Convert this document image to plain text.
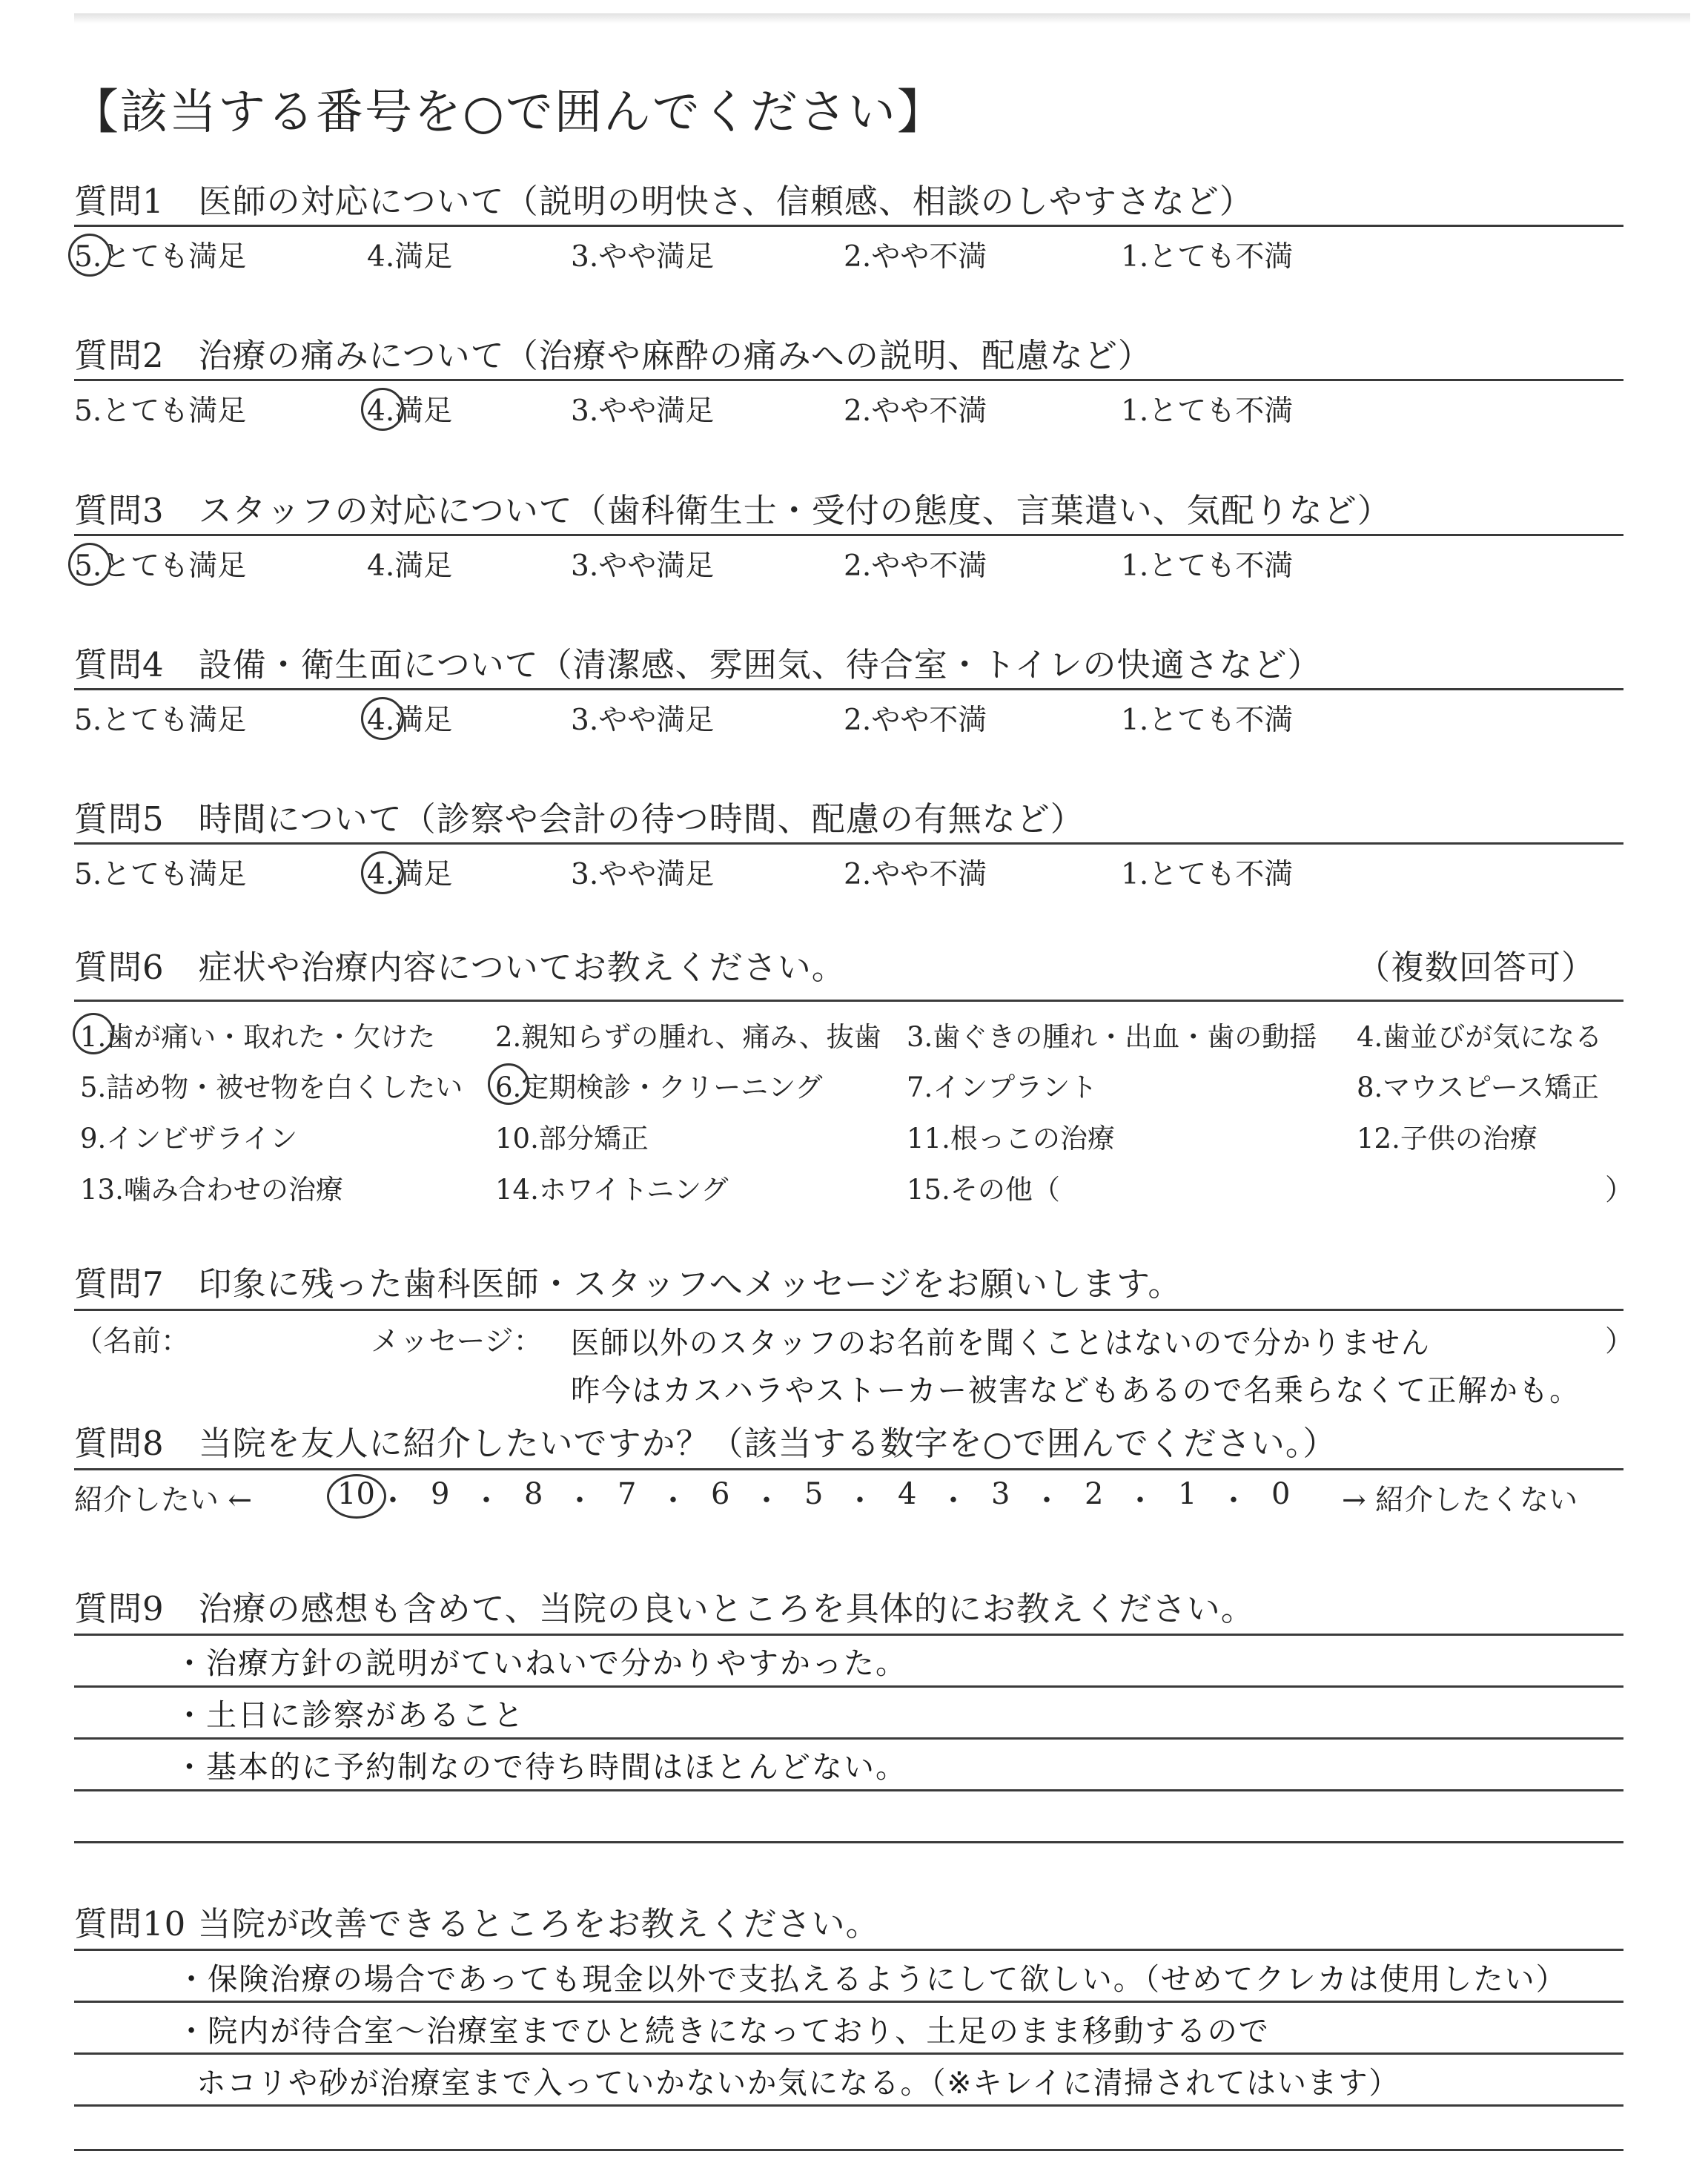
【該当する番号を○で囲んでください】
質問1　医師の対応について（説明の明快さ、信頼感、相談のしやすさなど）
5.とても満足	4.満足	3.やや満足	2.やや不満	1.とても不満
質問2　治療の痛みについて（治療や麻酔の痛みへの説明、配慮など）
5.とても満足	4.満足	3.やや満足	2.やや不満	1.とても不満
質問3　スタッフの対応について（歯科衛生士・受付の態度、言葉遣い、気配りなど）
5.とても満足	4.満足	3.やや満足	2.やや不満	1.とても不満
質問4　設備・衛生面について（清潔感、雰囲気、待合室・トイレの快適さなど）
5.とても満足	4.満足	3.やや満足	2.やや不満	1.とても不満
質問5　時間について（診察や会計の待つ時間、配慮の有無など）
5.とても満足	4.満足	3.やや満足	2.やや不満	1.とても不満
質問6　症状や治療内容についてお教えください。	（複数回答可）
1.歯が痛い・取れた・欠けた 2.親知らずの腫れ、痛み、抜歯 3.歯ぐきの腫れ・出血・歯の動揺 4.歯並びが気になる
5.詰め物・被せ物を白くしたい 6.定期検診・クリーニング	7.インプラント	8.マウスピース矯正
9.インビザライン	10.部分矯正	11.根っこの治療	12.子供の治療
13.噛み合わせの治療	14.ホワイトニング	15.その他（	）
質問7　印象に残った歯科医師・スタッフへメッセージをお願いします。
（名前：	メッセージ：	）
医師以外のスタッフのお名前を聞くことはないので分かりません
昨今はカスハラやストーカー被害などもあるので名乗らなくて正解かも。
質問8　当院を友人に紹介したいですか？（該当する数字を○で囲んでください。）
紹介したい ←	→ 紹介したくない
10 ・ 9 ・ 8 ・ 7 ・ 6 ・ 5 ・ 4 ・ 3 ・ 2 ・ 1 ・ 0
質問9　治療の感想も含めて、当院の良いところを具体的にお教えください。
・治療方針の説明がていねいで分かりやすかった。
・土日に診察があること
・基本的に予約制なので待ち時間はほとんどない。
質問10 当院が改善できるところをお教えください。
・保険治療の場合であっても現金以外で支払えるようにして欲しい。（せめてクレカは使用したい）
・院内が待合室〜治療室までひと続きになっており、土足のまま移動するので
ホコリや砂が治療室まで入っていかないか気になる。（※キレイに清掃されてはいます）
